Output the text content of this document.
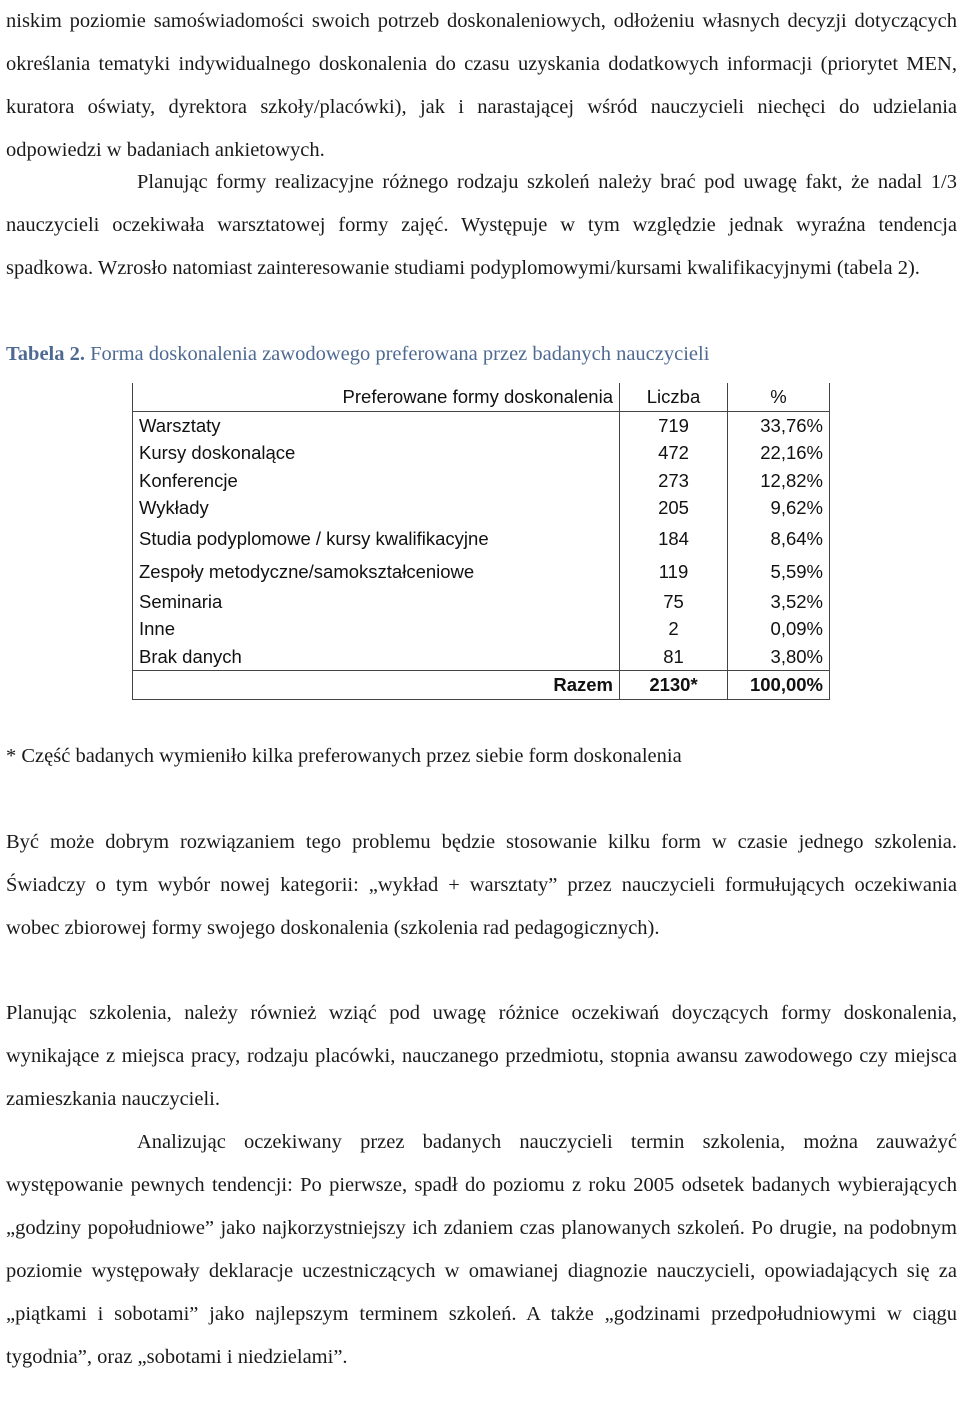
niskim poziomie samoświadomości swoich potrzeb doskonaleniowych, odłożeniu własnych decyzji dotyczących określania tematyki indywidualnego doskonalenia do czasu uzyskania dodatkowych informacji (priorytet MEN, kuratora oświaty, dyrektora szkoły/placówki), jak i narastającej wśród nauczycieli niechęci do udzielania odpowiedzi w badaniach ankietowych.

Planując formy realizacyjne różnego rodzaju szkoleń należy brać pod uwagę fakt, że nadal 1/3 nauczycieli oczekiwała warsztatowej formy zajęć. Występuje w tym względzie jednak wyraźna tendencja spadkowa. Wzrosło natomiast zainteresowanie studiami podyplomowymi/kursami kwalifikacyjnymi (tabela 2).

Tabela 2. Forma doskonalenia zawodowego preferowana przez badanych nauczycieli
Preferowane formy doskonalenia	Liczba	%
Warsztaty	719	33,76%
Kursy doskonalące	472	22,16%
Konferencje	273	12,82%
Wykłady	205	9,62%
Studia podyplomowe / kursy kwalifikacyjne	184	8,64%
Zespoły metodyczne/samokształceniowe	119	5,59%
Seminaria	75	3,52%
Inne	2	0,09%
Brak danych	81	3,80%
Razem	2130*	100,00%
* Część badanych wymieniło kilka preferowanych przez siebie form doskonalenia

Być może dobrym rozwiązaniem tego problemu będzie stosowanie kilku form w czasie jednego szkolenia. Świadczy o tym wybór nowej kategorii: „wykład + warsztaty” przez nauczycieli formułujących oczekiwania wobec zbiorowej formy swojego doskonalenia (szkolenia rad pedagogicznych).

Planując szkolenia, należy również wziąć pod uwagę różnice oczekiwań doyczących formy doskonalenia, wynikające z miejsca pracy, rodzaju placówki, nauczanego przedmiotu, stopnia awansu zawodowego czy miejsca zamieszkania nauczycieli.

Analizując oczekiwany przez badanych nauczycieli termin szkolenia, można zauważyć występowanie pewnych tendencji: Po pierwsze, spadł do poziomu z roku 2005 odsetek badanych wybierających „godziny popołudniowe” jako najkorzystniejszy ich zdaniem czas planowanych szkoleń. Po drugie, na podobnym poziomie występowały deklaracje uczestniczących w omawianej diagnozie nauczycieli, opowiadających się za „piątkami i sobotami” jako najlepszym terminem szkoleń. A także „godzinami przedpołudniowymi w ciągu tygodnia”, oraz „sobotami i niedzielami”.
